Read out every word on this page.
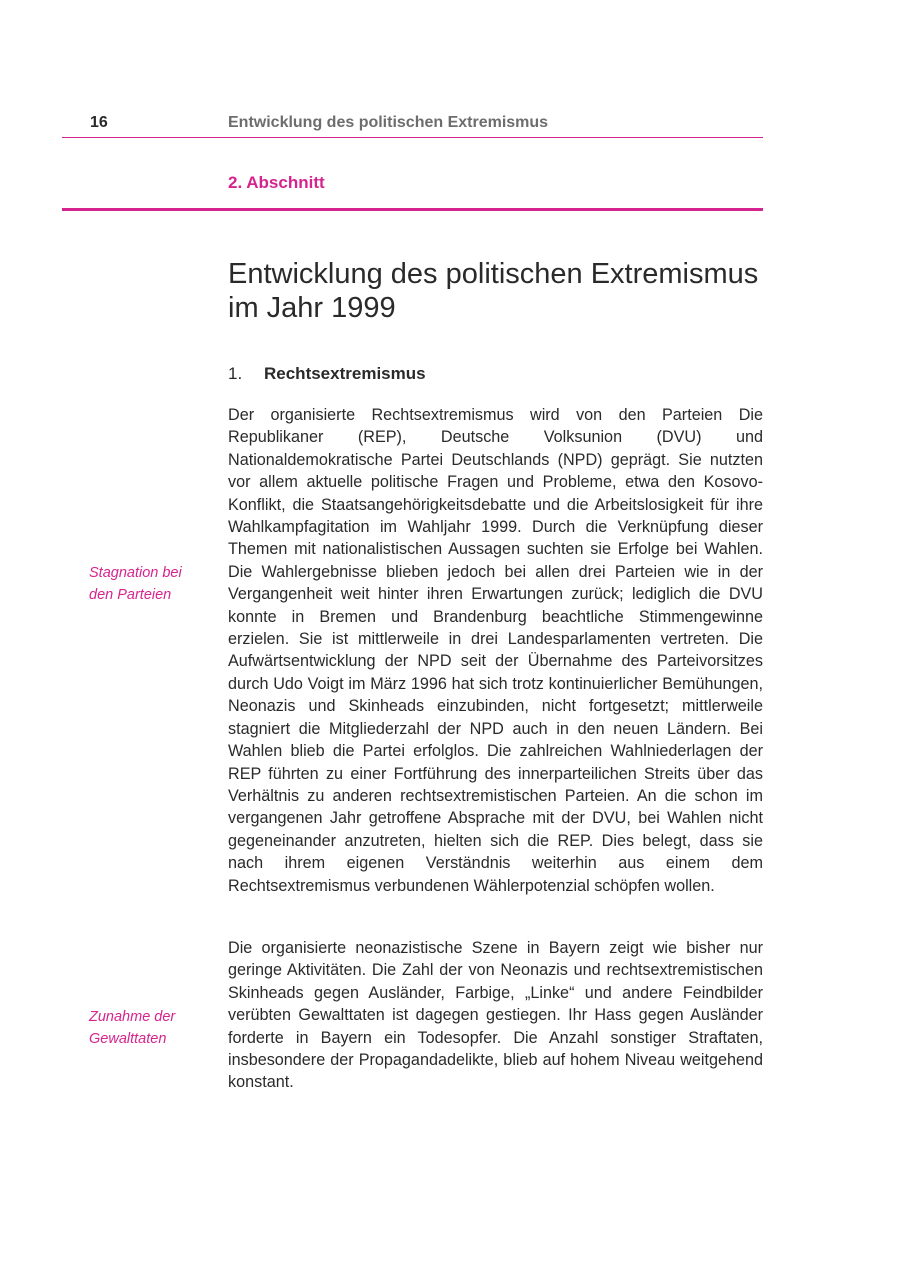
16	Entwicklung des politischen Extremismus
2. Abschnitt
Entwicklung des politischen Extremismus im Jahr 1999
1. Rechtsextremismus

Der organisierte Rechtsextremismus wird von den Parteien Die Republikaner (REP), Deutsche Volksunion (DVU) und Nationaldemokratische Partei Deutschlands (NPD) geprägt. Sie nutzten vor allem aktuelle politische Fragen und Probleme, etwa den Kosovo-Konflikt, die Staatsangehörigkeitsdebatte und die Arbeitslosigkeit für ihre Wahlkampfagitation im Wahljahr 1999. Durch die Verknüpfung dieser Themen mit nationalistischen Aussagen suchten sie Erfolge bei Wahlen. Die Wahlergebnisse blieben jedoch bei allen drei Parteien wie in der Vergangenheit weit hinter ihren Erwartungen zurück; lediglich die DVU konnte in Bremen und Brandenburg beachtliche Stimmengewinne erzielen. Sie ist mittlerweile in drei Landesparlamenten vertreten. Die Aufwärtsentwicklung der NPD seit der Übernahme des Parteivorsitzes durch Udo Voigt im März 1996 hat sich trotz kontinuierlicher Bemühungen, Neonazis und Skinheads einzubinden, nicht fortgesetzt; mittlerweile stagniert die Mitgliederzahl der NPD auch in den neuen Ländern. Bei Wahlen blieb die Partei erfolglos. Die zahlreichen Wahlniederlagen der REP führten zu einer Fortführung des innerparteilichen Streits über das Verhältnis zu anderen rechtsextremistischen Parteien. An die schon im vergangenen Jahr getroffene Absprache mit der DVU, bei Wahlen nicht gegeneinander anzutreten, hielten sich die REP. Dies belegt, dass sie nach ihrem eigenen Verständnis weiterhin aus einem dem Rechtsextremismus verbundenen Wählerpotenzial schöpfen wollen.

Stagnation bei den Parteien

Die organisierte neonazistische Szene in Bayern zeigt wie bisher nur geringe Aktivitäten. Die Zahl der von Neonazis und rechtsextremistischen Skinheads gegen Ausländer, Farbige, „Linke“ und andere Feindbilder verübten Gewalttaten ist dagegen gestiegen. Ihr Hass gegen Ausländer forderte in Bayern ein Todesopfer. Die Anzahl sonstiger Straftaten, insbesondere der Propagandadelikte, blieb auf hohem Niveau weitgehend konstant.

Zunahme der Gewalttaten
